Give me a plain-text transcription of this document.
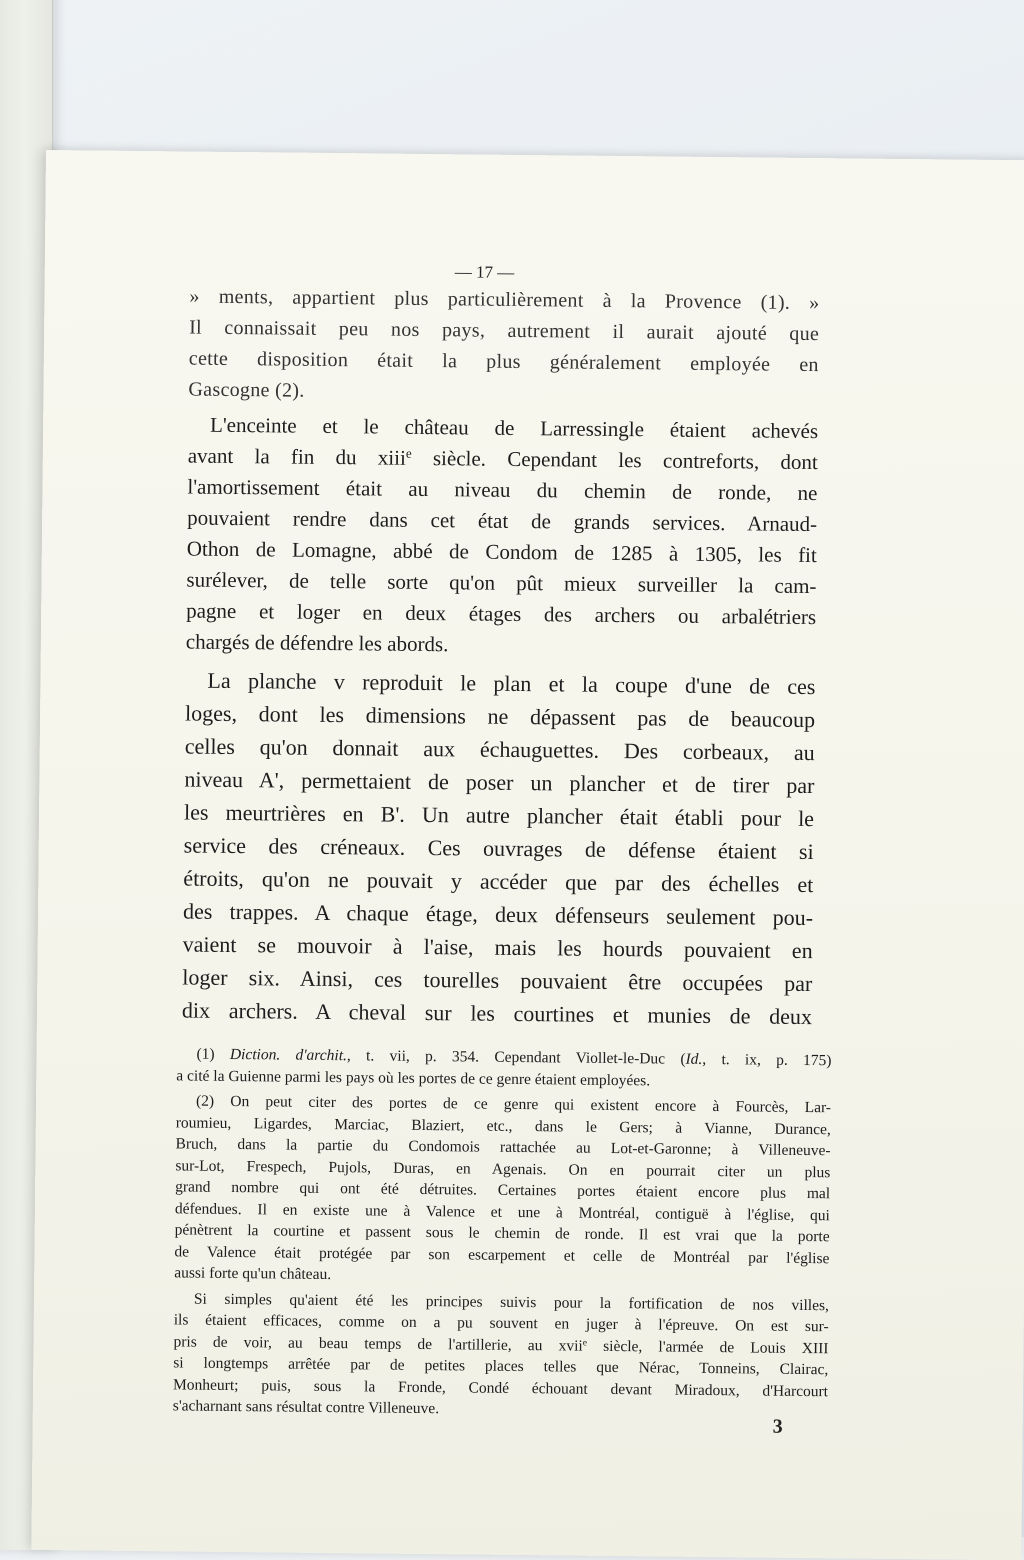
— 17 —
» ments, appartient plus particulièrement à la Provence (1). »
Il connaissait peu nos pays, autrement il aurait ajouté que
cette disposition était la plus généralement employée en
Gascogne (2).
L'enceinte et le château de Larressingle étaient achevés
avant la fin du xiii$^e$ siècle. Cependant les contreforts, dont
l'amortissement était au niveau du chemin de ronde, ne
pouvaient rendre dans cet état de grands services. Arnaud-
Othon de Lomagne, abbé de Condom de 1285 à 1305, les fit
surélever, de telle sorte qu'on pût mieux surveiller la cam-
pagne et loger en deux étages des archers ou arbalétriers
chargés de défendre les abords.
La planche v reproduit le plan et la coupe d'une de ces
loges, dont les dimensions ne dépassent pas de beaucoup
celles qu'on donnait aux échauguettes. Des corbeaux, au
niveau A', permettaient de poser un plancher et de tirer par
les meurtrières en B'. Un autre plancher était établi pour le
service des créneaux. Ces ouvrages de défense étaient si
étroits, qu'on ne pouvait y accéder que par des échelles et
des trappes. A chaque étage, deux défenseurs seulement pou-
vaient se mouvoir à l'aise, mais les hourds pouvaient en
loger six. Ainsi, ces tourelles pouvaient être occupées par
dix archers. A cheval sur les courtines et munies de deux
(1) Diction. d'archit., t. vii, p. 354. Cependant Viollet-le-Duc (Id., t. ix, p. 175)
a cité la Guienne parmi les pays où les portes de ce genre étaient employées.
(2) On peut citer des portes de ce genre qui existent encore à Fourcès, Lar-
roumieu, Ligardes, Marciac, Blaziert, etc., dans le Gers; à Vianne, Durance,
Bruch, dans la partie du Condomois rattachée au Lot-et-Garonne; à Villeneuve-
sur-Lot, Frespech, Pujols, Duras, en Agenais. On en pourrait citer un plus
grand nombre qui ont été détruites. Certaines portes étaient encore plus mal
défendues. Il en existe une à Valence et une à Montréal, contiguë à l'église, qui
pénètrent la courtine et passent sous le chemin de ronde. Il est vrai que la porte
de Valence était protégée par son escarpement et celle de Montréal par l'église
aussi forte qu'un château.
Si simples qu'aient été les principes suivis pour la fortification de nos villes,
ils étaient efficaces, comme on a pu souvent en juger à l'épreuve. On est sur-
pris de voir, au beau temps de l'artillerie, au xvii$^e$ siècle, l'armée de Louis XIII
si longtemps arrêtée par de petites places telles que Nérac, Tonneins, Clairac,
Monheurt; puis, sous la Fronde, Condé échouant devant Miradoux, d'Harcourt
s'acharnant sans résultat contre Villeneuve.
3
